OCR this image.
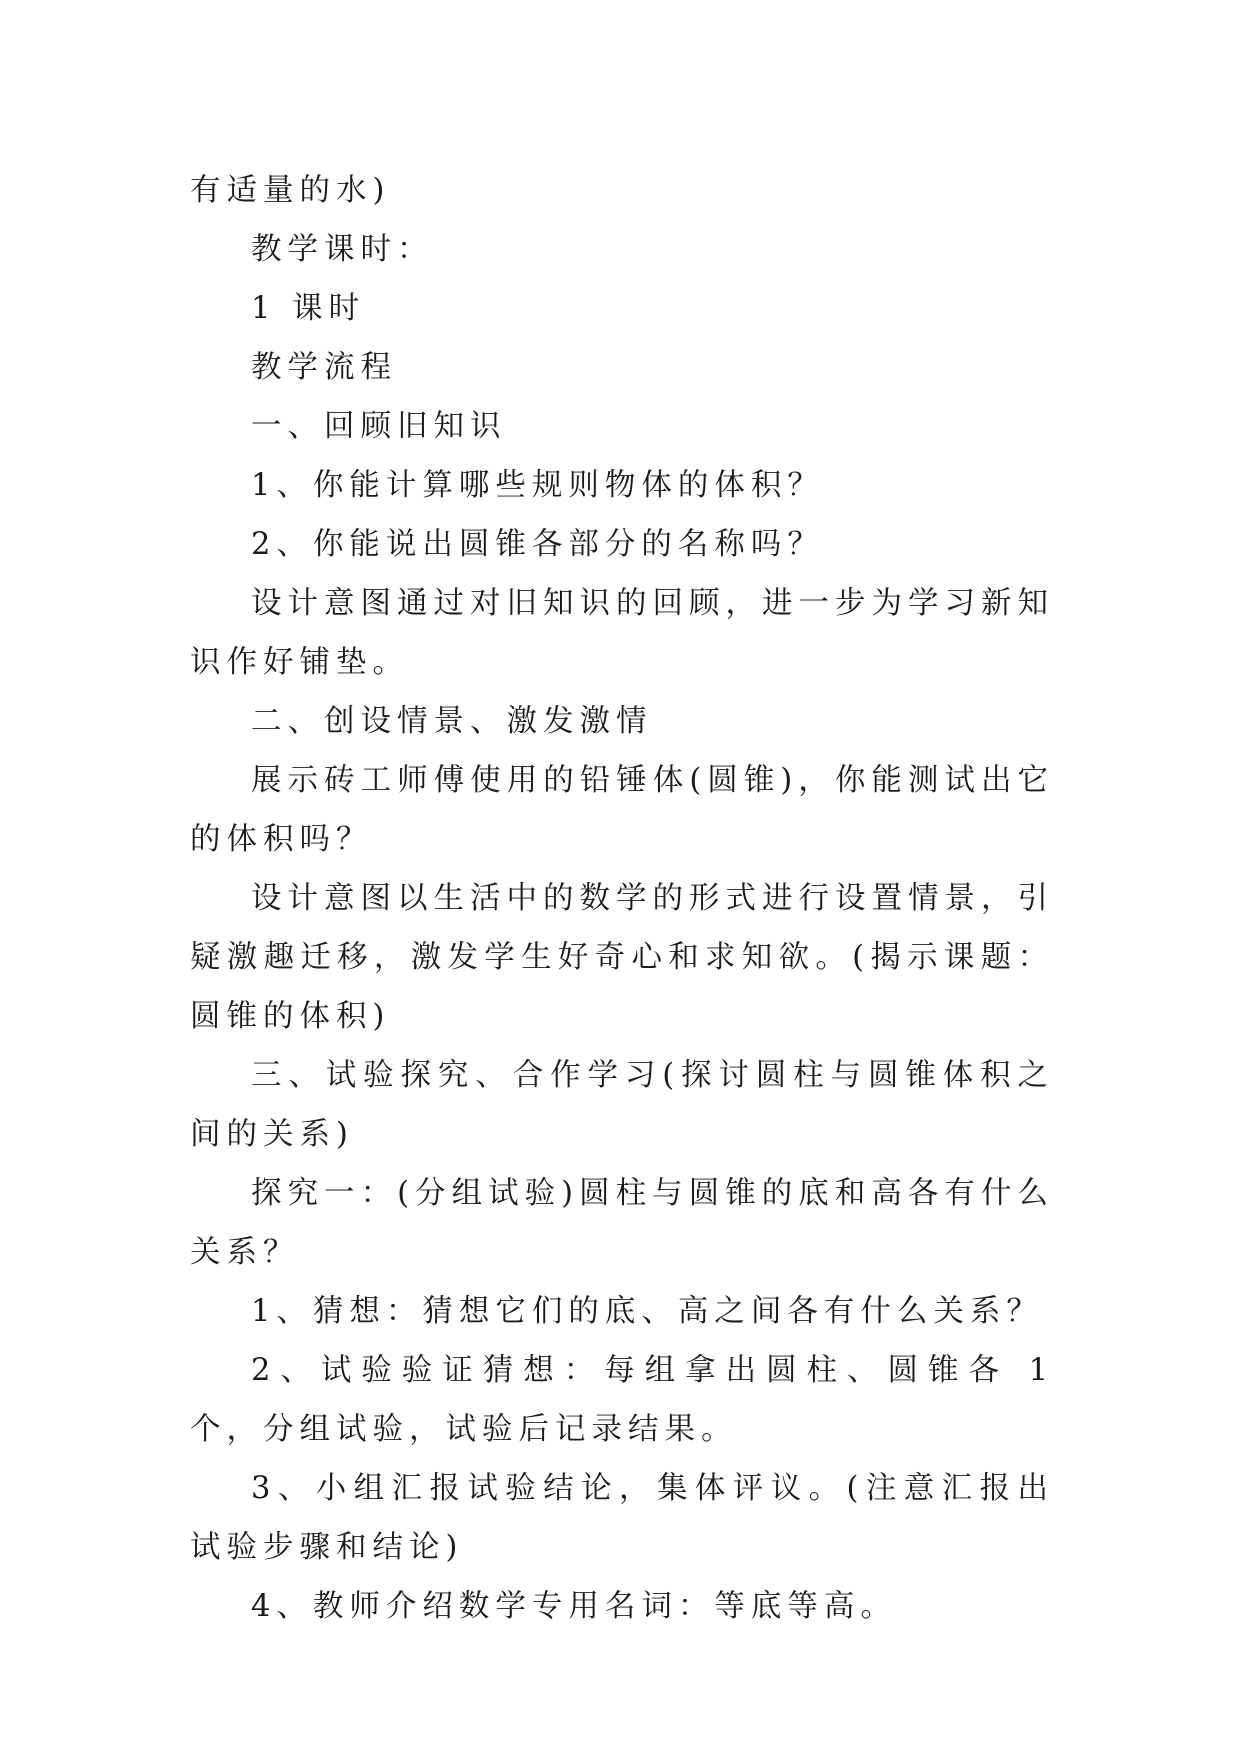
有适量的水)

教学课时：

1 课时

教学流程

一、回顾旧知识

1、你能计算哪些规则物体的体积？

2、你能说出圆锥各部分的名称吗？

设计意图通过对旧知识的回顾，进一步为学习新知识作好铺垫。

二、创设情景、激发激情

展示砖工师傅使用的铅锤体(圆锥)，你能测试出它的体积吗？

设计意图以生活中的数学的形式进行设置情景，引疑激趣迁移，激发学生好奇心和求知欲。(揭示课题：圆锥的体积)

三、试验探究、合作学习(探讨圆柱与圆锥体积之间的关系)

探究一：(分组试验)圆柱与圆锥的底和高各有什么关系？

1、猜想：猜想它们的底、高之间各有什么关系？

2、试验验证猜想：每组拿出圆柱、圆锥各 1 个，分组试验，试验后记录结果。

3、小组汇报试验结论，集体评议。(注意汇报出试验步骤和结论)

4、教师介绍数学专用名词：等底等高。
